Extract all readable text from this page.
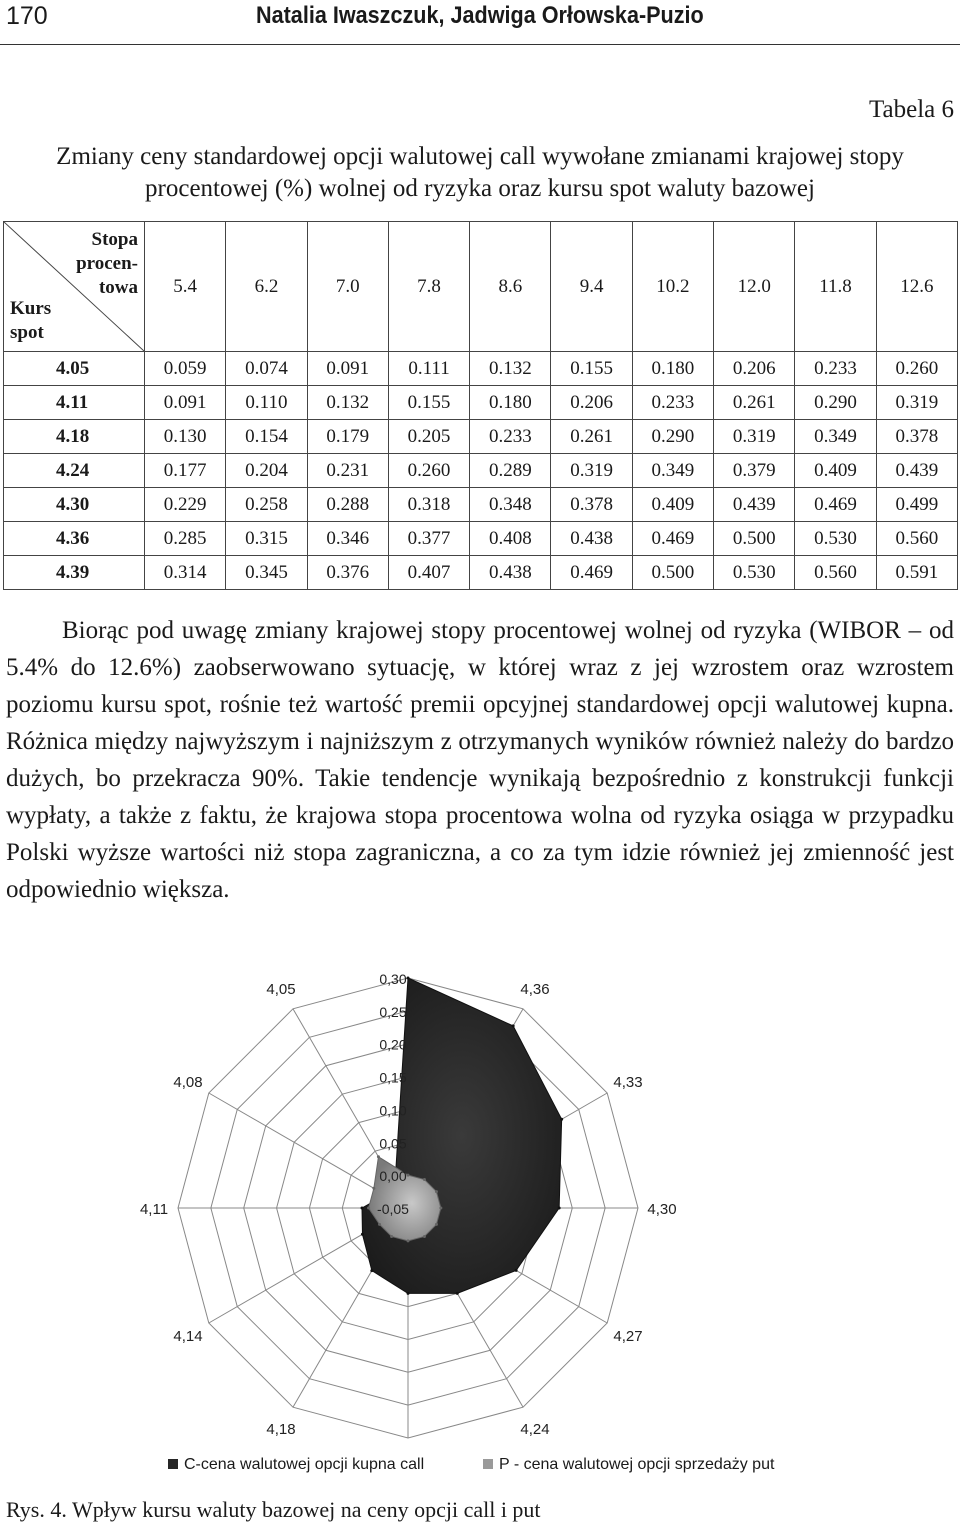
170	Natalia Iwaszczuk, Jadwiga Orłowska-Puzio
Tabela 6
Zmiany ceny standardowej opcji walutowej call wywołane zmianami krajowej stopy
procentowej (%) wolnej od ryzyka oraz kursu spot waluty bazowej
Stopa
procen-
towa
Kurs
spot	5.4	6.2	7.0	7.8	8.6	9.4	10.2	12.0	11.8	12.6
4.05	0.059	0.074	0.091	0.111	0.132	0.155	0.180	0.206	0.233	0.260
4.11	0.091	0.110	0.132	0.155	0.180	0.206	0.233	0.261	0.290	0.319
4.18	0.130	0.154	0.179	0.205	0.233	0.261	0.290	0.319	0.349	0.378
4.24	0.177	0.204	0.231	0.260	0.289	0.319	0.349	0.379	0.409	0.439
4.30	0.229	0.258	0.288	0.318	0.348	0.378	0.409	0.439	0.469	0.499
4.36	0.285	0.315	0.346	0.377	0.408	0.438	0.469	0.500	0.530	0.560
4.39	0.314	0.345	0.376	0.407	0.438	0.469	0.500	0.530	0.560	0.591

Biorąc pod uwagę zmiany krajowej stopy procentowej wolnej od ryzyka (WIBOR – od 5.4% do 12.6%) zaobserwowano sytuację, w której wraz z jej wzrostem oraz wzrostem poziomu kursu spot, rośnie też wartość premii opcyjnej standardowej opcji walutowej kupna. Różnica między najwyższym i najniższym z otrzymanych wyników również należy do bardzo dużych, bo przekracza 90%. Takie tendencje wynikają bezpośrednio z konstrukcji funkcji wypłaty, a także z faktu, że krajowa stopa procentowa wolna od ryzyka osiąga w przypadku Polski wyższe wartości niż stopa zagraniczna, a co za tym idzie również jej zmienność jest odpowiednio większa.

-0,05
0,00
0,05
0,10
0,15
0,20
0,25
0,30
4,36
4,33
4,30
4,27
4,24
4,18
4,14
4,11
4,08
4,05
C-cena walutowej opcji kupna call	P - cena walutowej opcji sprzedaży put
Rys. 4. Wpływ kursu waluty bazowej na ceny opcji call i put
